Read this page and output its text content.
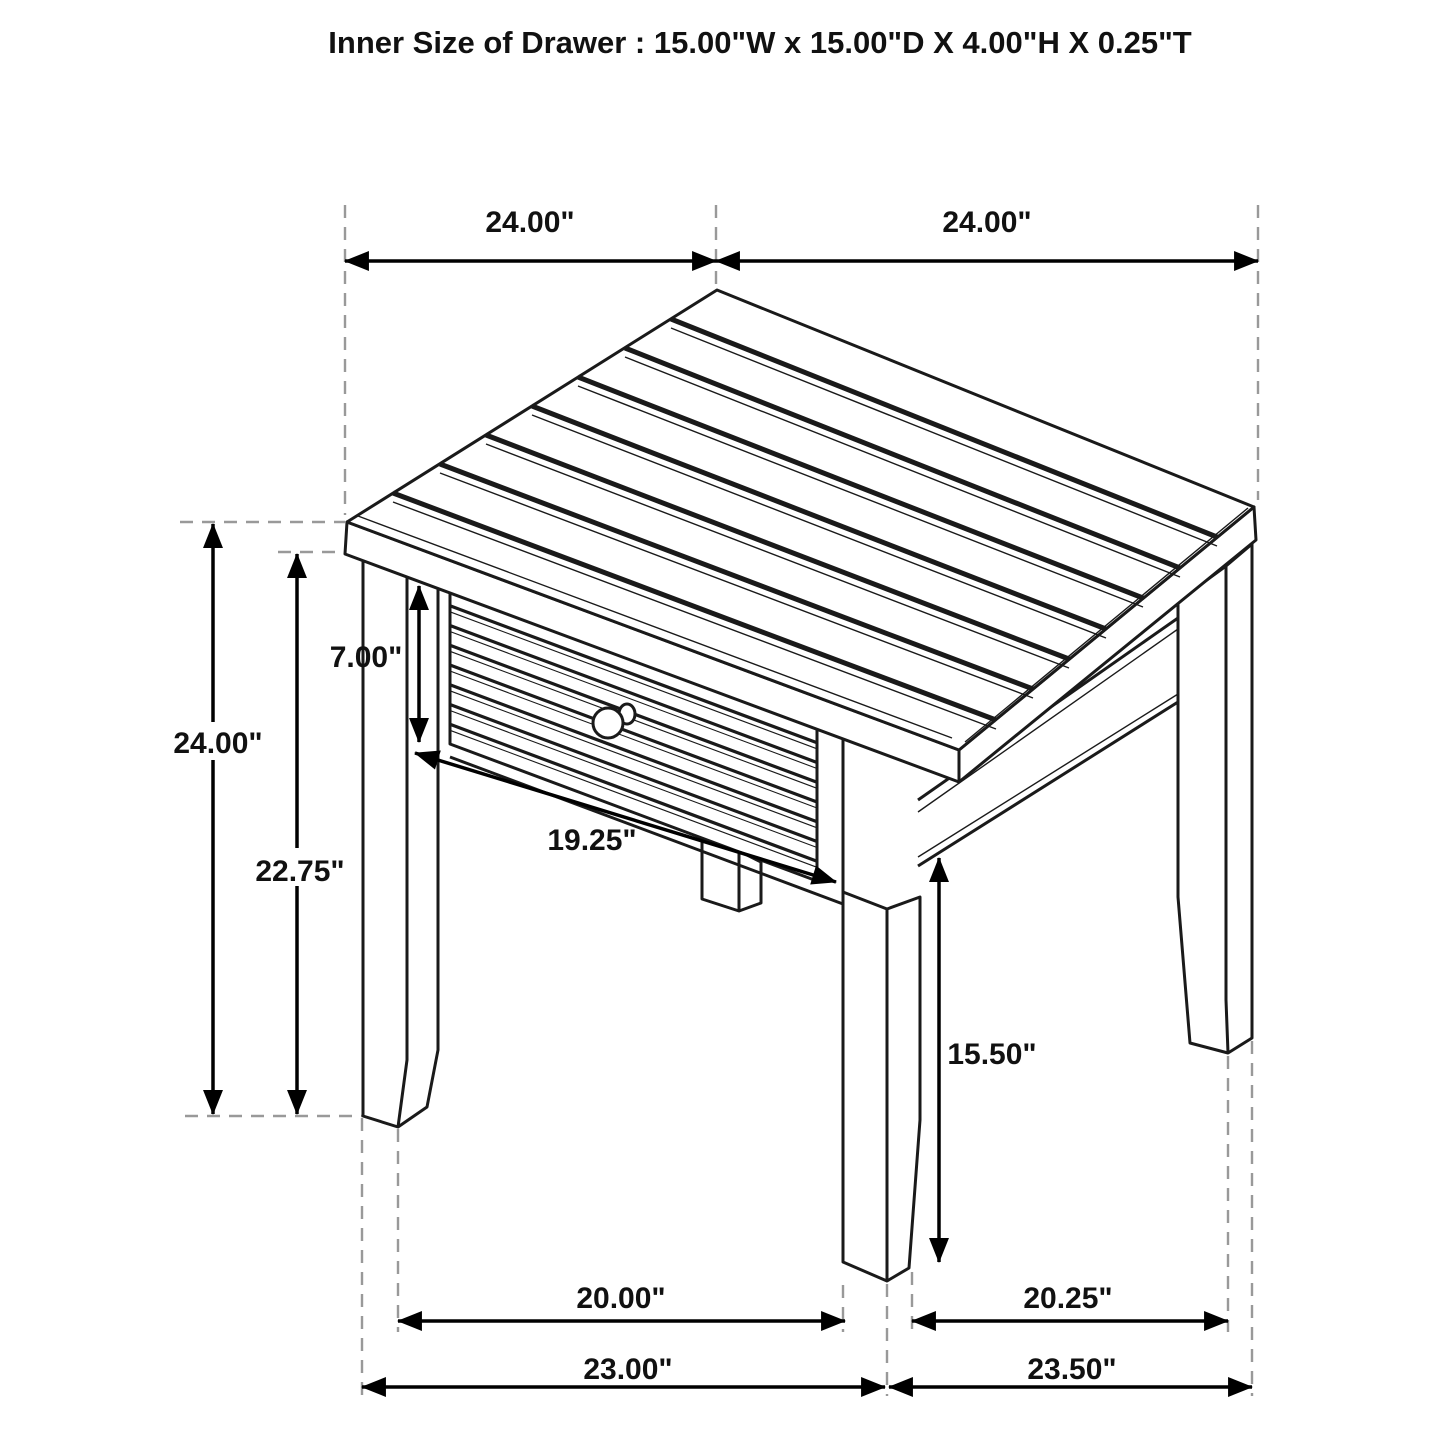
Inner Size of Drawer : 15.00"W x 15.00"D X 4.00"H X 0.25"T
24.00"	24.00"
24.00"
22.75"
7.00"
19.25"
15.50"
20.00"	20.25"
23.00"	23.50"
